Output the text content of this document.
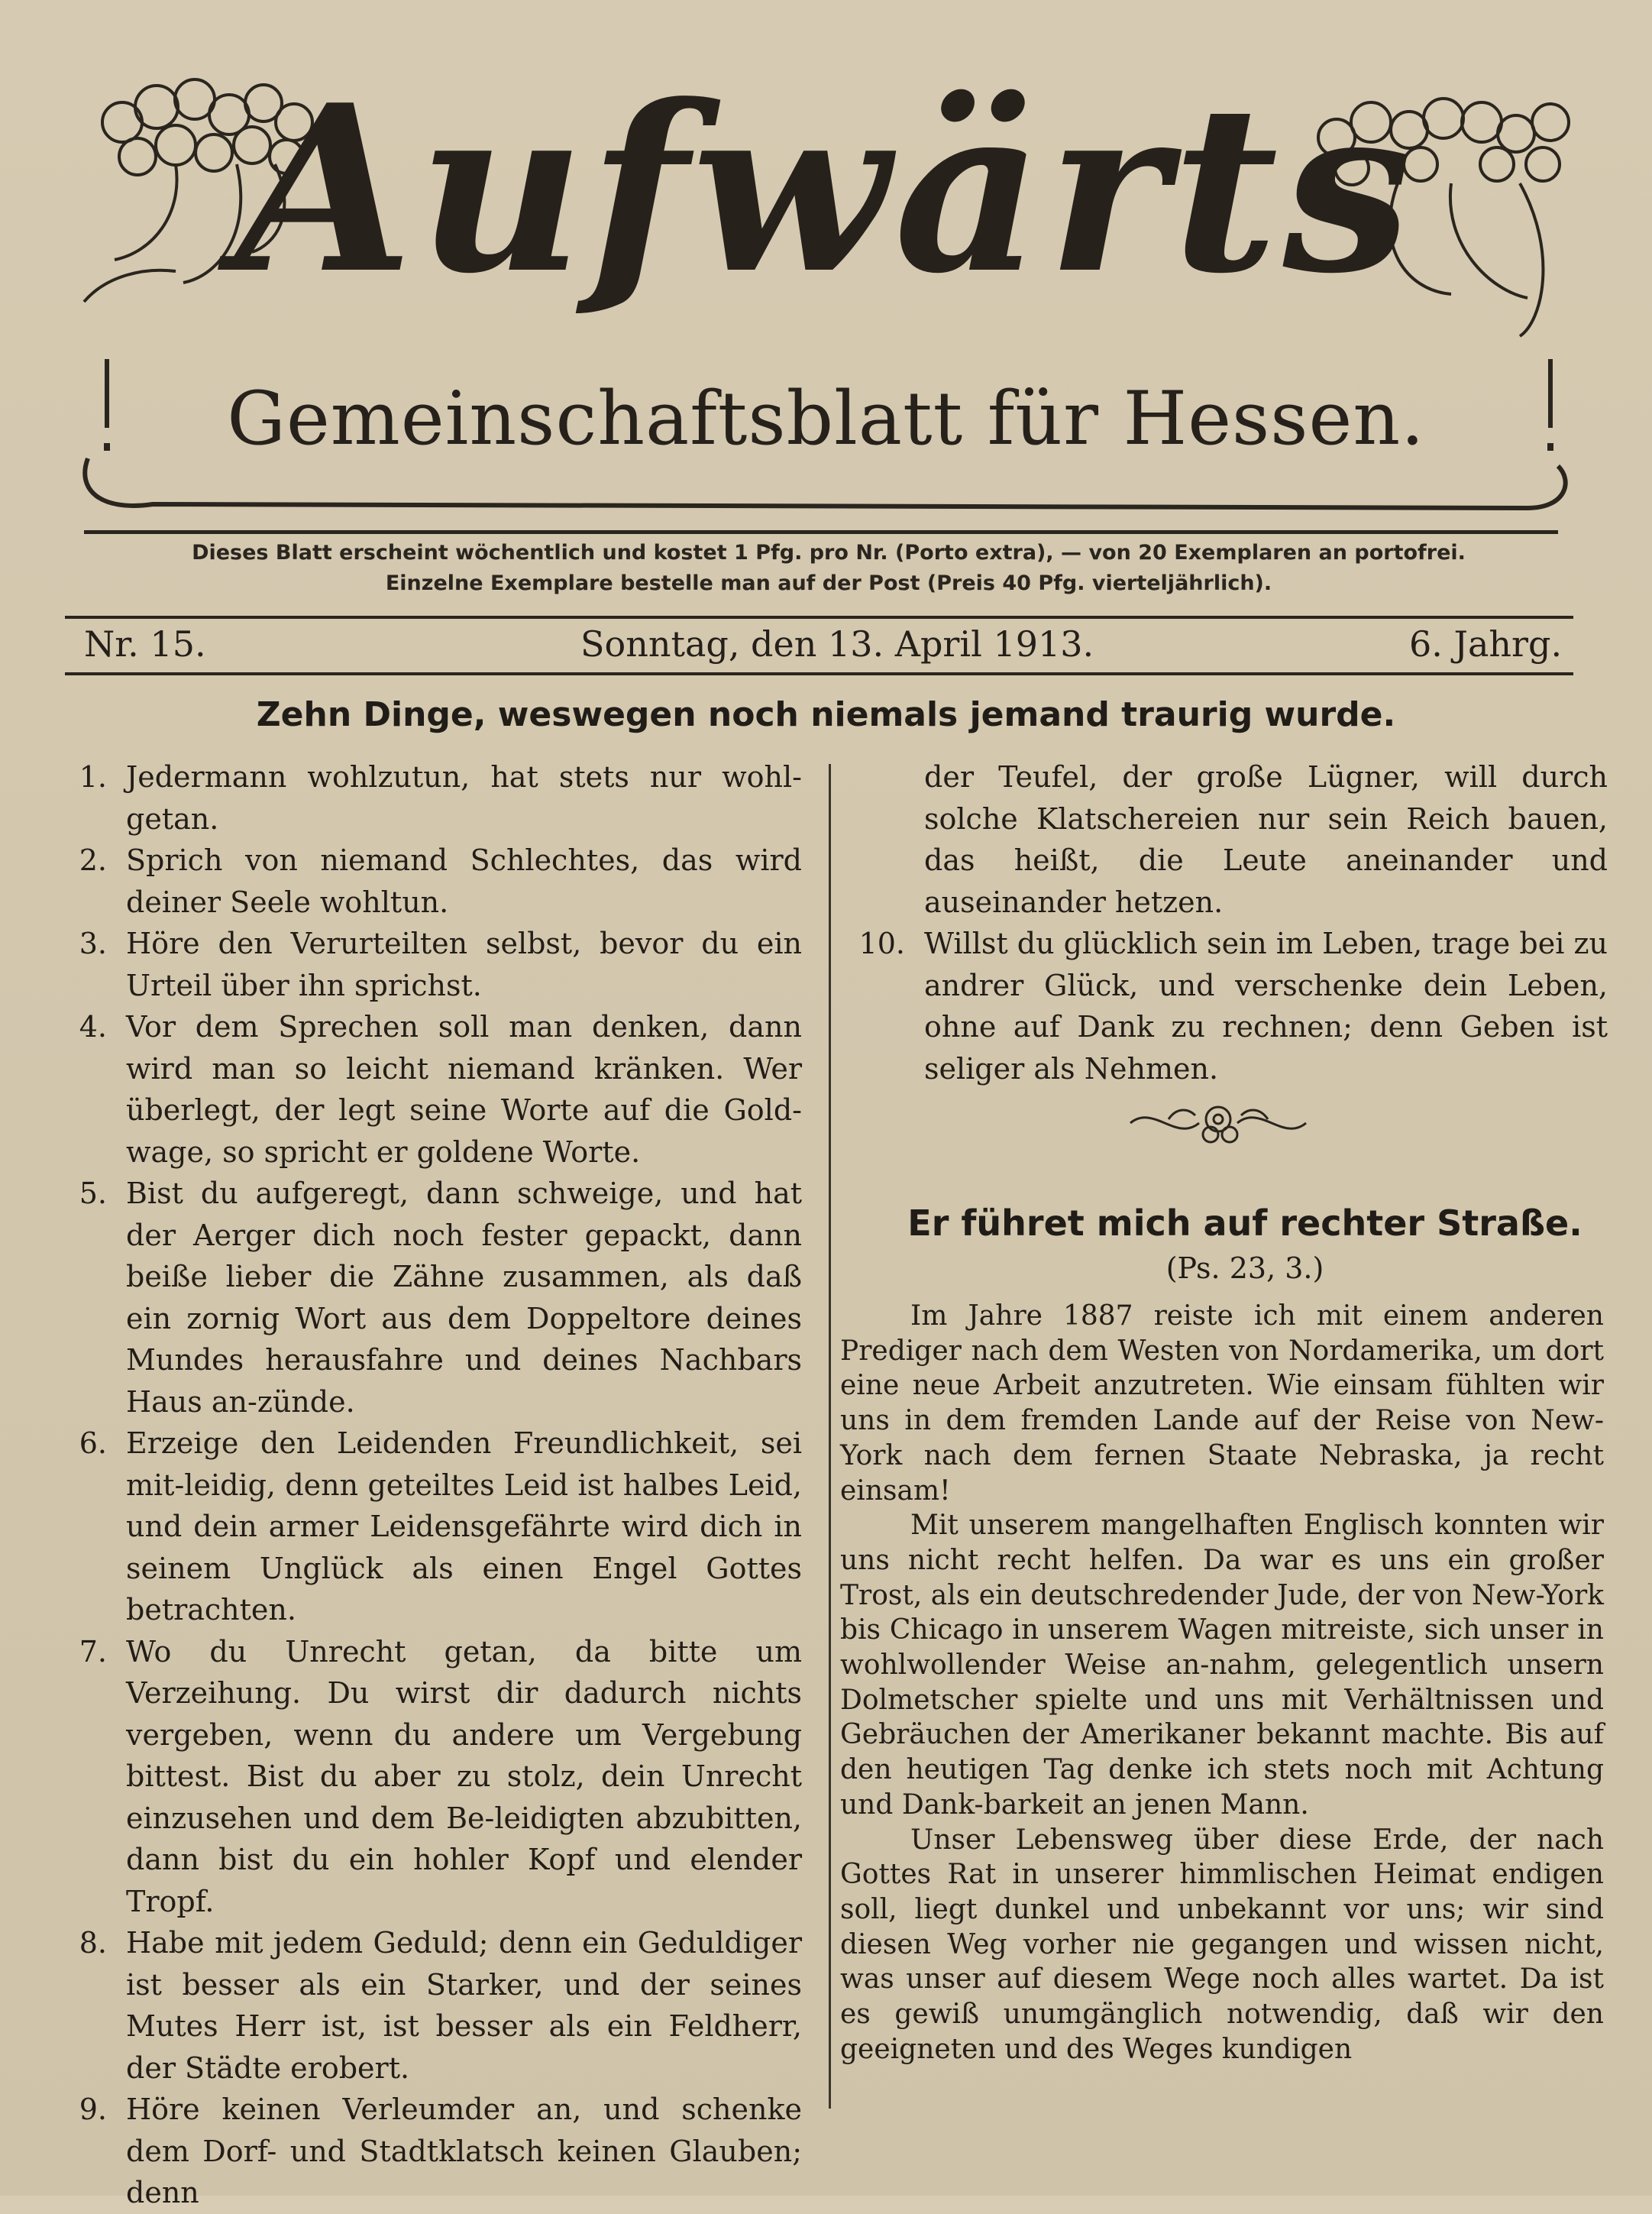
Aufwärts
Gemeinschaftsblatt für Hessen.
Dieses Blatt erscheint wöchentlich und kostet 1 Pfg. pro Nr. (Porto extra), — von 20 Exemplaren an portofrei.
Einzelne Exemplare bestelle man auf der Post (Preis 40 Pfg. vierteljährlich).
Nr. 15.	Sonntag, den 13. April 1913.	6. Jahrg.
Zehn Dinge, weswegen noch niemals jemand traurig wurde.
1. Jedermann wohlzutun, hat stets nur wohl-getan.
2. Sprich von niemand Schlechtes, das wird deiner Seele wohltun.
3. Höre den Verurteilten selbst, bevor du ein Urteil über ihn sprichst.
4. Vor dem Sprechen soll man denken, dann wird man so leicht niemand kränken. Wer überlegt, der legt seine Worte auf die Gold-wage, so spricht er goldene Worte.
5. Bist du aufgeregt, dann schweige, und hat der Aerger dich noch fester gepackt, dann beiße lieber die Zähne zusammen, als daß ein zornig Wort aus dem Doppeltore deines Mundes herausfahre und deines Nachbars Haus an-zünde.
6. Erzeige den Leidenden Freundlichkeit, sei mit-leidig, denn geteiltes Leid ist halbes Leid, und dein armer Leidensgefährte wird dich in seinem Unglück als einen Engel Gottes betrachten.
7. Wo du Unrecht getan, da bitte um Verzeihung. Du wirst dir dadurch nichts vergeben, wenn du andere um Vergebung bittest. Bist du aber zu stolz, dein Unrecht einzusehen und dem Be-leidigten abzubitten, dann bist du ein hohler Kopf und elender Tropf.
8. Habe mit jedem Geduld; denn ein Geduldiger ist besser als ein Starker, und der seines Mutes Herr ist, ist besser als ein Feldherr, der Städte erobert.
9. Höre keinen Verleumder an, und schenke dem Dorf- und Stadtklatsch keinen Glauben; denn
der Teufel, der große Lügner, will durch solche Klatschereien nur sein Reich bauen, das heißt, die Leute aneinander und auseinander hetzen.
10. Willst du glücklich sein im Leben, trage bei zu andrer Glück, und verschenke dein Leben, ohne auf Dank zu rechnen; denn Geben ist seliger als Nehmen.
Er führet mich auf rechter Straße.
(Ps. 23, 3.)

Im Jahre 1887 reiste ich mit einem anderen Prediger nach dem Westen von Nordamerika, um dort eine neue Arbeit anzutreten. Wie einsam fühlten wir uns in dem fremden Lande auf der Reise von New-York nach dem fernen Staate Nebraska, ja recht einsam!

Mit unserem mangelhaften Englisch konnten wir uns nicht recht helfen. Da war es uns ein großer Trost, als ein deutschredender Jude, der von New-York bis Chicago in unserem Wagen mitreiste, sich unser in wohlwollender Weise an-nahm, gelegentlich unsern Dolmetscher spielte und uns mit Verhältnissen und Gebräuchen der Amerikaner bekannt machte. Bis auf den heutigen Tag denke ich stets noch mit Achtung und Dank-barkeit an jenen Mann.

Unser Lebensweg über diese Erde, der nach Gottes Rat in unserer himmlischen Heimat endigen soll, liegt dunkel und unbekannt vor uns; wir sind diesen Weg vorher nie gegangen und wissen nicht, was unser auf diesem Wege noch alles wartet. Da ist es gewiß unumgänglich notwendig, daß wir den geeigneten und des Weges kundigen
